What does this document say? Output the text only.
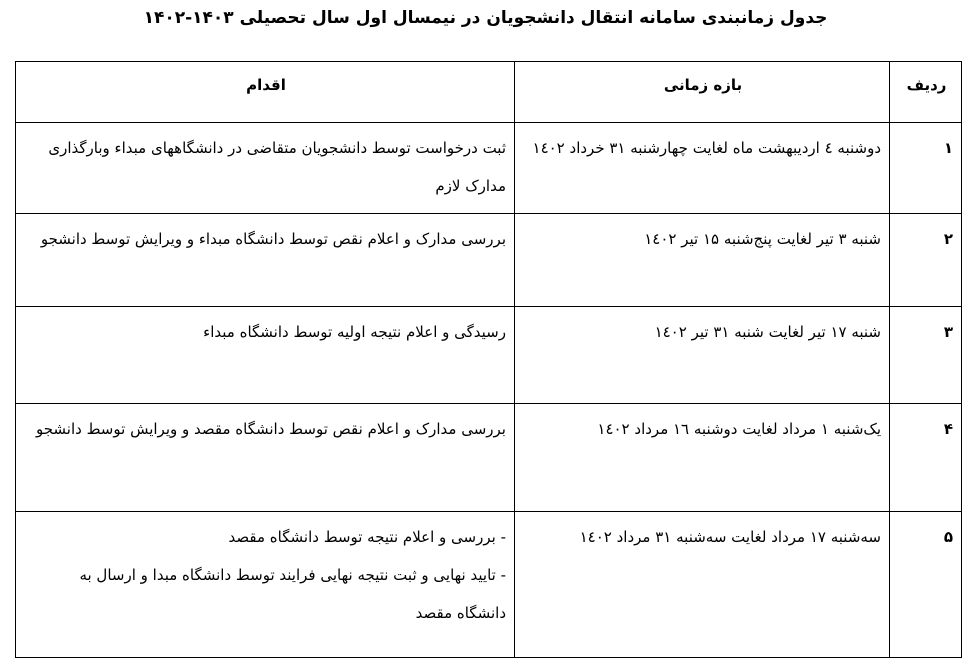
جدول زمانبندی سامانه انتقال دانشجویان در نیمسال اول سال تحصیلی ۱۴۰۳-۱۴۰۲
ردیف	بازه زمانی	اقدام
۱	دوشنبه ٤ اردیبهشت ماه لغایت چهارشنبه ۳۱ خرداد ۱٤۰۲	ثبت درخواست توسط دانشجویان متقاضی در دانشگاههای مبداء وبارگذاری مدارک لازم

۲	شنبه ۳ تیر لغایت پنج‌شنبه ۱۵ تیر ۱٤۰۲	بررسی مدارک و اعلام نقص توسط دانشگاه مبداء و ویرایش توسط دانشجو

۳	شنبه ۱۷ تیر لغایت شنبه ۳۱ تیر ۱٤۰۲	رسیدگی و اعلام نتیجه اولیه توسط دانشگاه مبداء

۴	یک‌شنبه ۱ مرداد لغایت دوشنبه ۱٦ مرداد ۱٤۰۲	بررسی مدارک و اعلام نقص توسط دانشگاه مقصد و ویرایش توسط دانشجو

۵	سه‌شنبه ۱۷ مرداد لغایت سه‌شنبه ۳۱ مرداد ۱٤۰۲	- بررسی و اعلام نتیجه توسط دانشگاه مقصد
- تایید نهایی و ثبت نتیجه نهایی فرایند توسط دانشگاه مبدا و ارسال به دانشگاه مقصد
